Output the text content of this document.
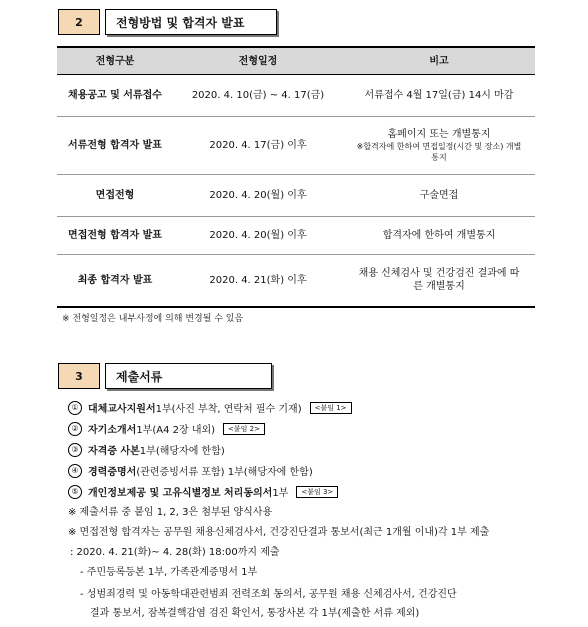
2	전형방법 및 합격자 발표
전형구분	전형일정	비고
채용공고 및 서류접수	2020. 4. 10(금) ~ 4. 17(금)	서류접수 4월 17일(금) 14시 마감
서류전형 합격자 발표	2020. 4. 17(금) 이후	홈페이지 또는 개별통지
※합격자에 한하여 면접일정(시간 및 장소) 개별통지

면접전형	2020. 4. 20(월) 이후	구술면접
면접전형 합격자 발표	2020. 4. 20(월) 이후	합격자에 한하여 개별통지
최종 합격자 발표	2020. 4. 21(화) 이후	채용 신체검사 및 건강검진 결과에 따른 개별통지
※ 전형일정은 내부사정에 의해 변경될 수 있음
3	제출서류
① 대체교사지원서 1부(사진 부착, 연락처 필수 기재)	<붙임 1>
② 자기소개서 1부(A4 2장 내외)	<붙임 2>
③ 자격증 사본 1부(해당자에 한함)
④ 경력증명서 (관련증빙서류 포함) 1부(해당자에 한함)
⑤ 개인정보제공 및 고유식별정보 처리동의서 1부	<붙임 3>
※ 제출서류 중 붙임 1, 2, 3은 첨부된 양식사용
※ 면접전형 합격자는 공무원 채용신체검사서, 건강진단결과 통보서(최근 1개월 이내)각 1부 제출
: 2020. 4. 21(화)~ 4. 28(화) 18:00까지 제출
- 주민등록등본 1부, 가족관계증명서 1부
- 성범죄경력 및 아동학대관련범죄 전력조회 동의서, 공무원 채용 신체검사서, 건강진단
결과 통보서, 잠복결핵감염 검진 확인서, 통장사본 각 1부(제출한 서류 제외)
